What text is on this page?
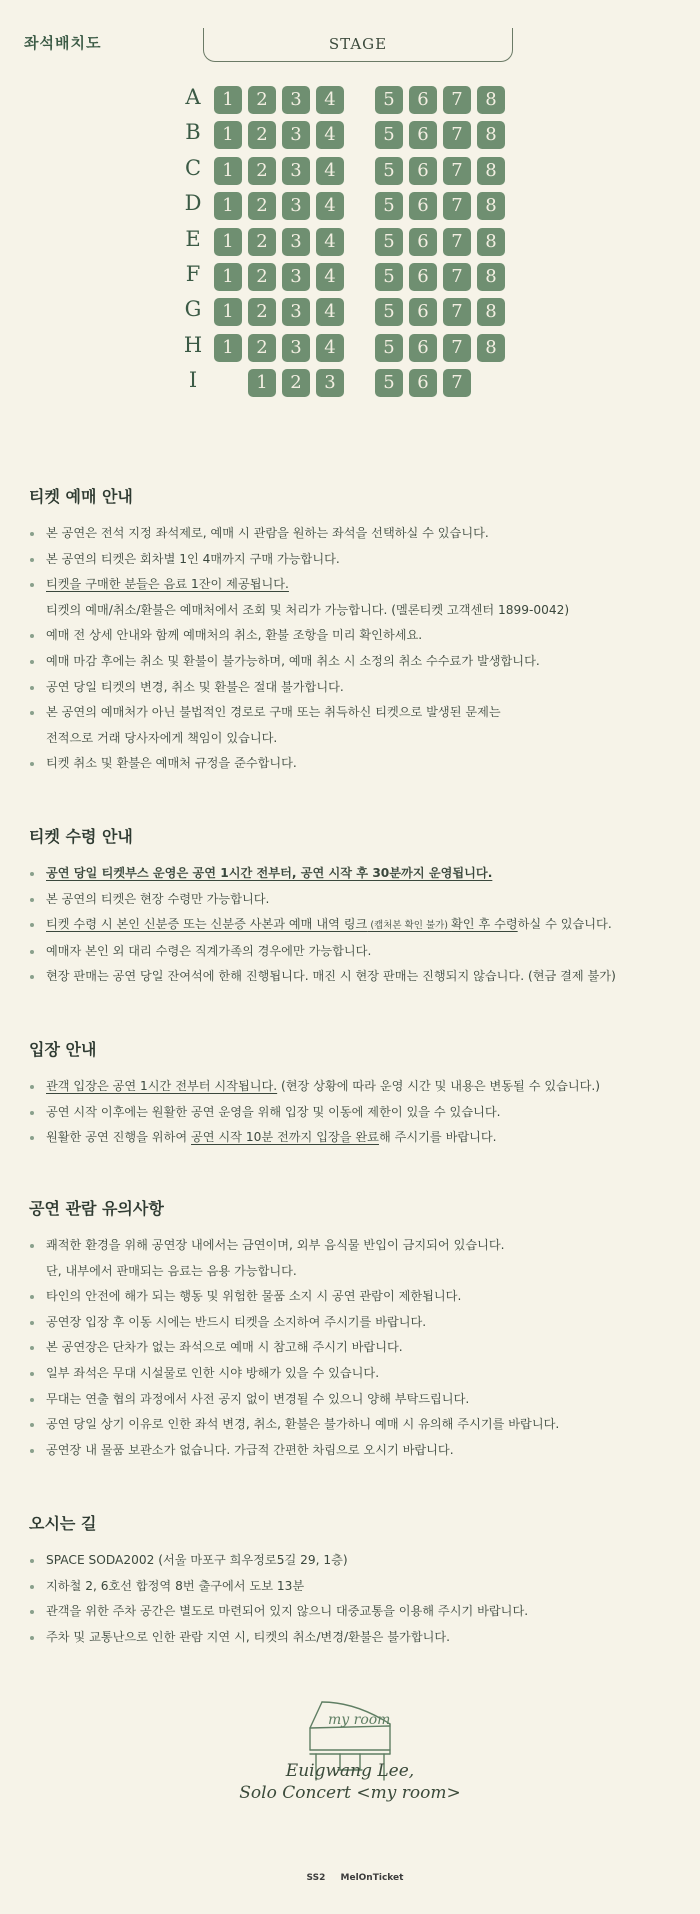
좌석배치도	STAGE
A	1	2	3	4	5	6	7	8
B	1	2	3	4	5	6	7	8
C	1	2	3	4	5	6	7	8
D	1	2	3	4	5	6	7	8
E	1	2	3	4	5	6	7	8
F	1	2	3	4	5	6	7	8
G	1	2	3	4	5	6	7	8
H	1	2	3	4	5	6	7	8
I	1	2	3	5	6	7
티켓 예매 안내
본 공연은 전석 지정 좌석제로, 예매 시 관람을 원하는 좌석을 선택하실 수 있습니다.
본 공연의 티켓은 회차별 1인 4매까지 구매 가능합니다.
티켓을 구매한 분들은 음료 1잔이 제공됩니다.
티켓의 예매/취소/환불은 예매처에서 조회 및 처리가 가능합니다. (멜론티켓 고객센터 1899-0042)
예매 전 상세 안내와 함께 예매처의 취소, 환불 조항을 미리 확인하세요.
예매 마감 후에는 취소 및 환불이 불가능하며, 예매 취소 시 소정의 취소 수수료가 발생합니다.
공연 당일 티켓의 변경, 취소 및 환불은 절대 불가합니다.
본 공연의 예매처가 아닌 불법적인 경로로 구매 또는 취득하신 티켓으로 발생된 문제는
전적으로 거래 당사자에게 책임이 있습니다.
티켓 취소 및 환불은 예매처 규정을 준수합니다.
티켓 수령 안내
공연 당일 티켓부스 운영은 공연 1시간 전부터, 공연 시작 후 30분까지 운영됩니다.
본 공연의 티켓은 현장 수령만 가능합니다.
티켓 수령 시 본인 신분증 또는 신분증 사본과 예매 내역 링크 (캡처본 확인 불가) 확인 후 수령하실 수 있습니다.
예매자 본인 외 대리 수령은 직계가족의 경우에만 가능합니다.
현장 판매는 공연 당일 잔여석에 한해 진행됩니다. 매진 시 현장 판매는 진행되지 않습니다. (현금 결제 불가)
입장 안내
관객 입장은 공연 1시간 전부터 시작됩니다. (현장 상황에 따라 운영 시간 및 내용은 변동될 수 있습니다.)
공연 시작 이후에는 원활한 공연 운영을 위해 입장 및 이동에 제한이 있을 수 있습니다.
원활한 공연 진행을 위하여 공연 시작 10분 전까지 입장을 완료해 주시기를 바랍니다.
공연 관람 유의사항
쾌적한 환경을 위해 공연장 내에서는 금연이며, 외부 음식물 반입이 금지되어 있습니다.
단, 내부에서 판매되는 음료는 음용 가능합니다.
타인의 안전에 해가 되는 행동 및 위험한 물품 소지 시 공연 관람이 제한됩니다.
공연장 입장 후 이동 시에는 반드시 티켓을 소지하여 주시기를 바랍니다.
본 공연장은 단차가 없는 좌석으로 예매 시 참고해 주시기 바랍니다.
일부 좌석은 무대 시설물로 인한 시야 방해가 있을 수 있습니다.
무대는 연출 협의 과정에서 사전 공지 없이 변경될 수 있으니 양해 부탁드립니다.
공연 당일 상기 이유로 인한 좌석 변경, 취소, 환불은 불가하니 예매 시 유의해 주시기를 바랍니다.
공연장 내 물품 보관소가 없습니다. 가급적 간편한 차림으로 오시기 바랍니다.
오시는 길
SPACE SODA2002 (서울 마포구 희우정로5길 29, 1층)
지하철 2, 6호선 합정역 8번 출구에서 도보 13분
관객을 위한 주차 공간은 별도로 마련되어 있지 않으니 대중교통을 이용해 주시기 바랍니다.
주차 및 교통난으로 인한 관람 지연 시, 티켓의 취소/변경/환불은 불가합니다.
my room
Euigwang Lee,
Solo Concert <my room>
SS2 MelOnTicket
